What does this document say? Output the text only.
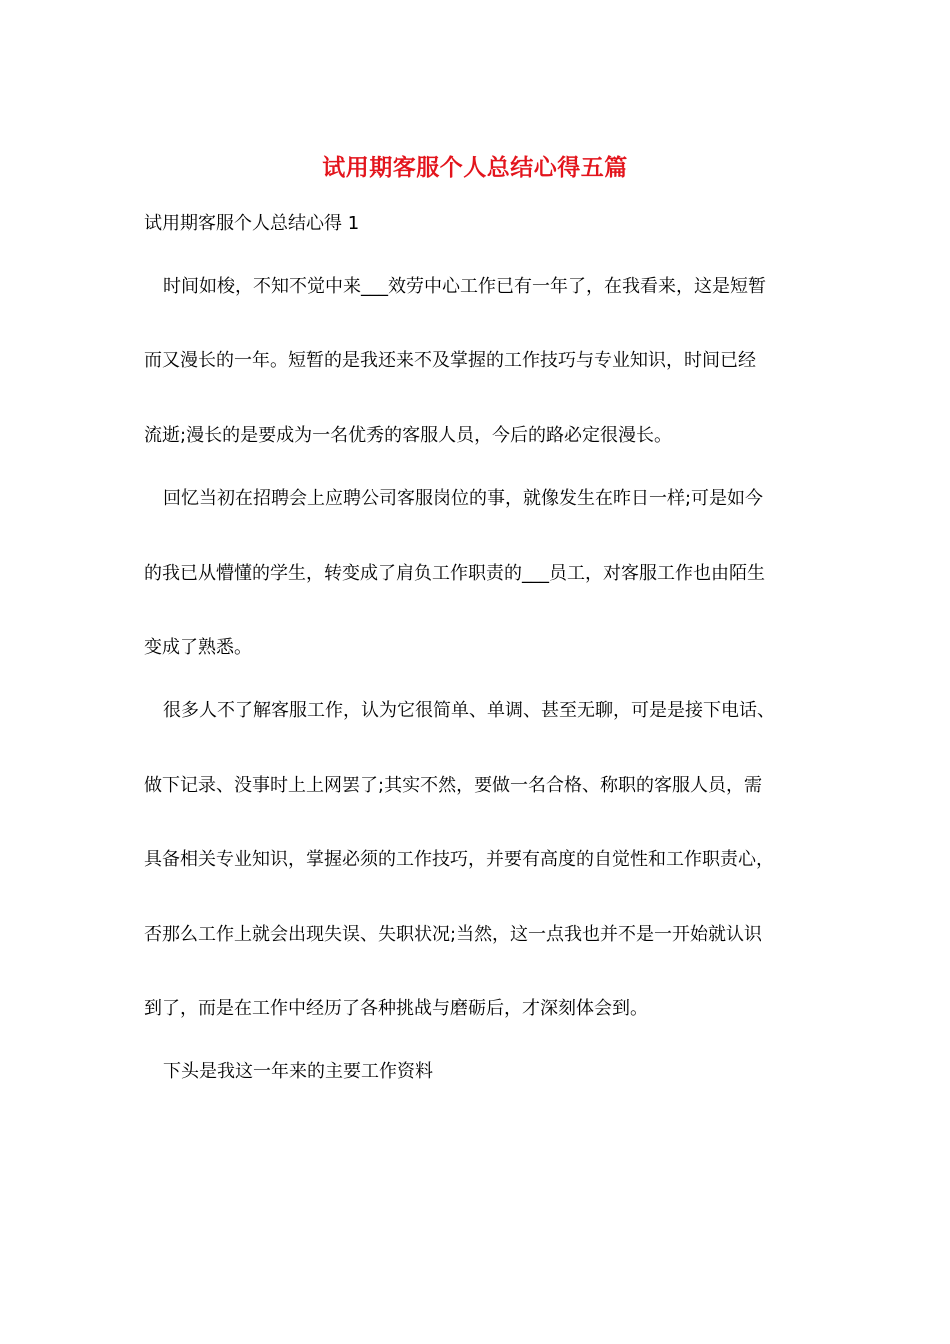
试用期客服个人总结心得五篇
试用期客服个人总结心得 1
时间如梭，不知不觉中来___效劳中心工作已有一年了，在我看来，这是短暂
而又漫长的一年。短暂的是我还来不及掌握的工作技巧与专业知识，时间已经
流逝;漫长的是要成为一名优秀的客服人员，今后的路必定很漫长。
回忆当初在招聘会上应聘公司客服岗位的事，就像发生在昨日一样;可是如今
的我已从懵懂的学生，转变成了肩负工作职责的___员工，对客服工作也由陌生
变成了熟悉。
很多人不了解客服工作，认为它很简单、单调、甚至无聊，可是是接下电话、
做下记录、没事时上上网罢了;其实不然，要做一名合格、称职的客服人员，需
具备相关专业知识，掌握必须的工作技巧，并要有高度的自觉性和工作职责心，
否那么工作上就会出现失误、失职状况;当然，这一点我也并不是一开始就认识
到了，而是在工作中经历了各种挑战与磨砺后，才深刻体会到。
下头是我这一年来的主要工作资料
